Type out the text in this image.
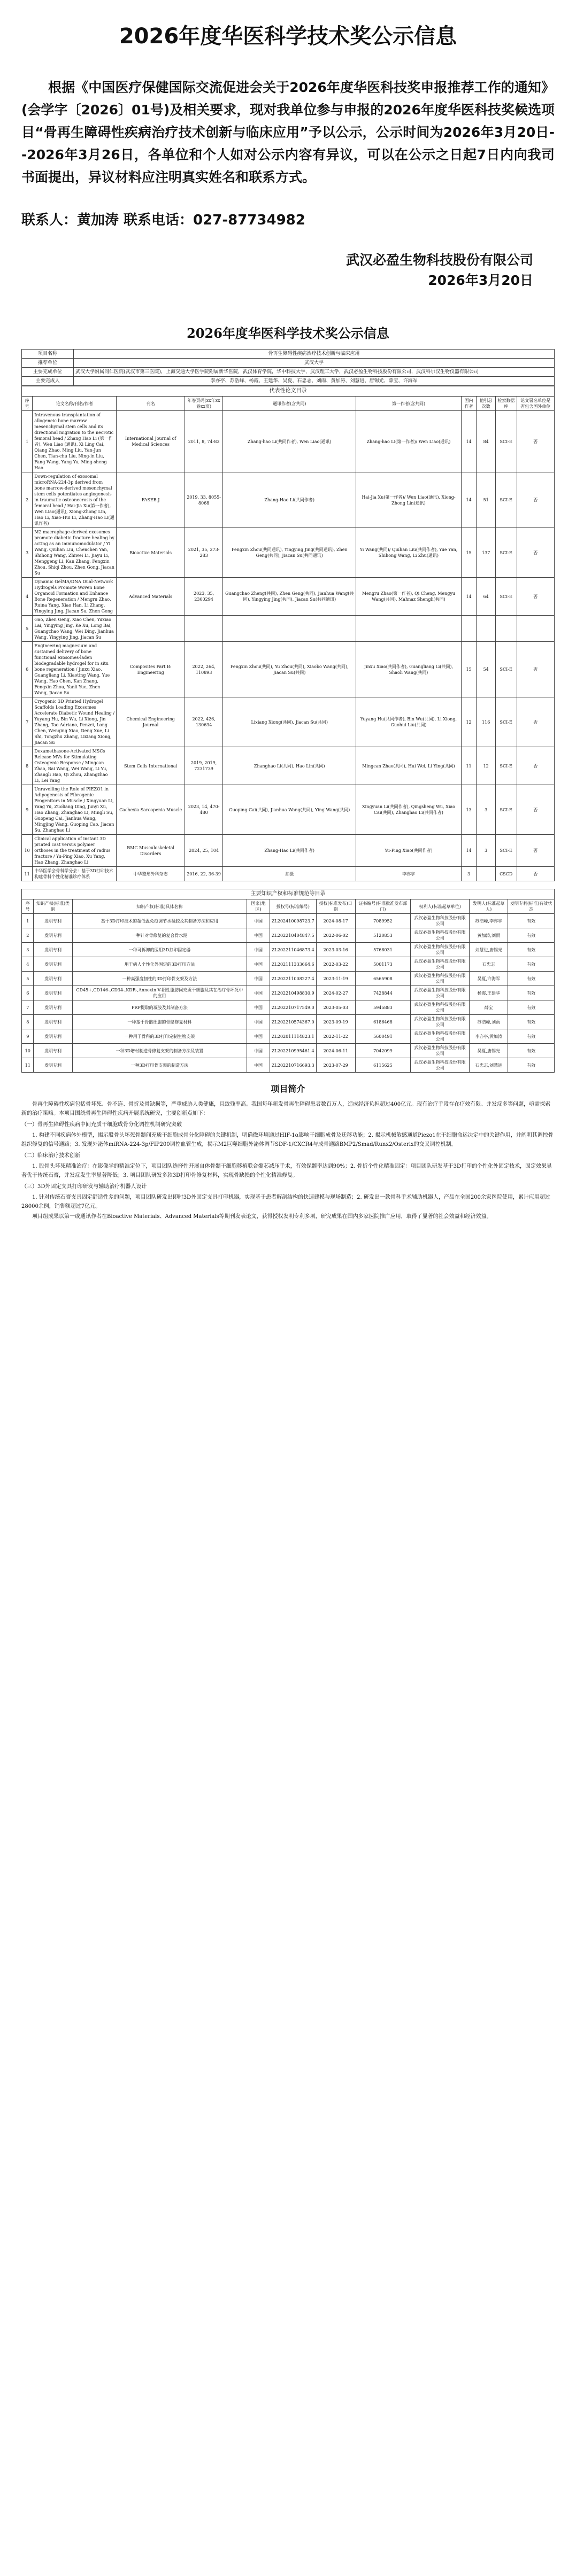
2026年度华医科学技术奖公示信息

根据《中国医疗保健国际交流促进会关于2026年度华医科技奖申报推荐工作的通知》(会学字〔2026〕01号)及相关要求，现对我单位参与申报的2026年度华医科技奖候选项目“骨再生障碍性疾病治疗技术创新与临床应用”予以公示，公示时间为2026年3月20日--2026年3月26日，各单位和个人如对公示内容有异议，可以在公示之日起7日内向我司书面提出，异议材料应注明真实姓名和联系方式。

联系人：黄加涛 联系电话：027-87734982
武汉必盈生物科技股份有限公司
2026年3月20日
2026年度华医科学技术奖公示信息
项目名称	骨再生障碍性疾病治疗技术创新与临床应用
推荐单位	武汉大学
主要完成单位	武汉大学附属同仁医院(武汉市第三医院)，上海交通大学医学院附属新华医院，武汉体育学院，华中科技大学，武汉理工大学，武汉必盈生物科技股份有限公司，武汉科尔汉生物仪器有限公司
主要完成人	李亦亭、苏浩峰、杨霞、王建华、吴夏、石忠志、刘雨、黄加涛、刘慧进、唐锡光、薛宝、许海军
代表性论文目录									
序号	论文名称/刊名/作者	刊名	年卷页码(xx年xx卷xx页)	通讯作者(含共同)	第一作者(含共同)	国内作者	他引总次数	检索数据库	论文署名单位是否包含国外单位
1	Intravenous transplantation of allogeneic bone marrow mesenchymal stem cells and its directional migration to the necrotic femoral head / Zhang Hao Li (第一作者), Wen Liao (通讯), Xi Ling Cai, Qiang Zhao, Ming Liu, Yan-Jun Chen, Tian-chu Liu, Ning-in Liu, Fang Wang, Yang Yu, Ming-sheng Hao	International Journal of Medical Sciences	2011, 8, 74-83	Zhang-hao Li(共同作者), Wen Liao(通讯)	Zhang-hao Li(第一作者)/ Wen Liao(通讯)	14	84	SCI-E	否
2	Down-regulation of exosomal microRNA-224-3p derived from bone marrow-derived mesenchymal stem cells potentiates angiogenesis in traumatic osteonecrosis of the femoral head / Hai-Jia Xu(第一作者), Wen Liao(通讯), Xiong-Zhong Lin, Hao Li, Xiao-Hui Li, Zhang-Hao Li(通讯作者)	FASEB J	2019, 33, 8055-8068	Zhang-Hao Li(共同作者)	Hai-Jia Xu(第一作者)/ Wen Liao(通讯), Xiong-Zhong Lin(通讯)	14	51	SCI-E	否
3	M2 macrophage-derived exosomes promote diabetic fracture healing by acting as an immunomodulator / Yi Wang, Qiuhan Liu, Chenchen Yan, Shihong Wang, Zhiwei Li, Jiayu Li, Menggeng Li, Kan Zhang, Fengxin Zhou, Shiqi Zhou, Zhen Gong, Jiacan Su	Bioactive Materials	2021, 35, 273-283	Fengxin Zhou(共同通讯), Yingying Jing(共同通讯), Zhen Geng(共同), Jiacan Su(共同通讯)	Yi Wang(共同)/ Qiuhan Liu(共同作者), Yue Yan, Shihong Wang, Li Zhu(通讯)	15	137	SCI-E	否
4	Dynamic GelMA/DNA Dual-Network Hydrogels Promote Woven Bone Organoid Formation and Enhance Bone Regeneration / Mengru Zhao, Ruina Yang, Xiao Han, Li Zhang, Yingying Jing, Jiacan Su, Zhen Geng	Advanced Materials	2023, 35, 2300294	Guangchao Zheng(共同), Zhen Geng(共同), Jianhua Wang(共同), Yingying Jing(共同), Jiacan Su(共同通讯)	Mengru Zhao(第一作者), Qi Cheng, Mengyu Wang(共同), Mahnaz Shengli(共同)	14	64	SCI-E	否
5	Gao, Zhen Geng, Xiao Chen, Yuxiao Lai, Yingying Jing, Ke Xu, Long Bai, Guangchao Wang, Wei Ding, Jianhua Wang, Yingying Jing, Jiacan Su								
6	Engineering magnesium and sustained delivery of bone functional exosomes-laden biodegradable hydrogel for in situ bone regeneration / Jinxu Xiao, Guangliang Li, Xiaoting Wang, Yue Wang, Hao Chen, Kan Zhang, Fengxin Zhou, Yanli Yue, Zhen Wang, Jiacan Su	Composites Part B: Engineering	2022, 264, 110893	Fengxin Zhou(共同), Yu Zhou(共同), Xiaobo Wang(共同), Jiacan Su(共同)	Jinxu Xiao(共同作者), Guangliang Li(共同), Shaoli Wang(共同)	15	54	SCI-E	否
7	Cryogenic 3D Printed Hydrogel Scaffolds Loading Exosomes Accelerate Diabetic Wound Healing / Yuyang Hu, Bin Wu, Li Xiong, Jin Zhang, Tao Adriano, Penzei, Long Chen, Wenqing Xiao, Deng Xue, Li Shi, Tongzhu Zhang, Lixiang Xiong, Jiacan Su	Chemical Engineering Journal	2022, 426, 130634	Lixiang Xiong(共同), Jiacan Su(共同)	Yuyang Hu(共同作者), Bin Wu(共同), Li Xiong, Guohui Liu(共同)	12	116	SCI-E	否
8	Dexamethasone-Activated MSCs Release MVs for Stimulating Osteogenic Response / Mingcan Zhao, Bai Wang, Wei Wang, Li Yu, Zhangli Hao, Qi Zhou, Zhangzhao Li, Lei Yang	Stem Cells International	2019, 2019, 7231739	Zhanghao Li(共同), Hao Lin(共同)	Mingcan Zhao(共同), Hui Wei, Li Ying(共同)	11	12	SCI-E	否
9	Unravelling the Role of PIEZO1 in Adipogenesis of Fibrogenic Progenitors in Muscle / Xingyuan Li, Yang Yu, Zuoliang Ding, Junyi Xu, Hao Zhang, Zhanghao Li, Mingli Su, Guopeng Cai, Jianhua Wang, Mingjing Wang, Guoping Cao, Jiacan Su, Zhanghao Li	Cachexia Sarcopenia Muscle	2023, 14, 470-480	Guoping Cai(共同), Jianhua Wang(共同), Ying Wang(共同)	Xingyuan Li(共同作者), Qingsheng Wu, Xiao Cai(共同), Zhanghao Li(共同作者)	13	3	SCI-E	否
10	Clinical application of instant 3D printed cast versus polymer orthoses in the treatment of radius fracture / Yu-Ping Xiao, Xu Yang, Hao Zhang, Zhanghao Li	BMC Musculoskeletal Disorders	2024, 25, 104	Zhang-Hao Li(共同作者)	Yu-Ping Xiao(共同作者)	14	3	SCI-E	否
11	中华医学会骨科学分会：基于3D打印技术构建骨科个性化精准诊疗体系	中华整形外科杂志	2016, 22, 36-39	拍摄	李亦亭	3		CSCD	否
主要知识产权和标准规范等目录									
序号	知识产权(标准)类别	知识产权(标准)具体名称	国家(地区)	授权号(标准编号)	授权(标准发布)日期	证书编号(标准批准发布部门)	权利人(标准起草单位)	发明人(标准起草人)	发明专利(标准)有效状态
1	发明专利	基于3D打印技术的超低温免疫调节水凝胶及其制备方法和应用	中国	ZL202410098723.7	2024-08-17	7089952	武汉必盈生物科技股份有限公司	苏浩峰,李亦亭	有效
2	发明专利	一种针对骨修复的复合骨水泥	中国	ZL202210404847.5	2022-06-02	5120853	武汉必盈生物科技股份有限公司	黄加涛,刘雨	有效
3	发明专利	一种可拆卸的医用3D打印固定器	中国	ZL202211046873.4	2023-03-16	5768031	武汉必盈生物科技股份有限公司	刘慧进,唐锡光	有效
4	发明专利	用于病人个性化外固定的3D打印方法	中国	ZL202111333664.6	2022-03-22	5001173	武汉必盈生物科技股份有限公司	石忠志	有效
5	发明专利	一种高强度韧性的3D打印骨支架及方法	中国	ZL202211008227.4	2023-11-19	6565908	武汉必盈生物科技股份有限公司	吴夏,许海军	有效
6	发明专利	CD45+,CD146-,CD34-,KDR-,Annexin V-阳性脂肪间充质干细胞及其在治疗骨坏死中的应用	中国	ZL202210498830.9	2024-02-27	7428844	武汉必盈生物科技股份有限公司	杨霞,王建华	有效
7	发明专利	PRP提取的凝胶及其制备方法	中国	ZL202210717549.0	2023-05-03	5945883	武汉必盈生物科技股份有限公司	薛宝	有效
8	发明专利	一种基于骨骼细胞的骨骼修复材料	中国	ZL202210574367.0	2023-09-19	6186468	武汉必盈生物科技股份有限公司	苏浩峰,刘雨	有效
9	发明专利	一种用于骨科的3D打印定制生物支架	中国	ZL202011114823.1	2022-11-22	5600491	武汉必盈生物科技股份有限公司	李亦亭,黄加涛	有效
10	发明专利	一种3D增材制造骨修复支架的制备方法及装置	中国	ZL202210995461.4	2024-06-11	7042099	武汉必盈生物科技股份有限公司	吴夏,唐锡光	有效
11	发明专利	一种3D打印骨支架的制造方法	中国	ZL202210716693.3	2023-07-29	6115625	武汉必盈生物科技股份有限公司	石忠志,刘慧进	有效
项目简介

骨再生障碍性疾病包括骨坏死、骨不连、骨折及骨缺损等，严重威胁人类健康，且致残率高。我国每年新发骨再生障碍患者数百万人，造成经济负担超过400亿元。现有治疗手段存在疗效有限、并发症多等问题，亟需探索新的治疗策略。本项目围绕骨再生障碍性疾病开展系统研究，主要创新点如下：

（一）骨再生障碍性疾病中间充质干细胞成骨分化调控机制研究突破

1. 构建不同疾病体外模型，揭示股骨头坏死骨髓间充质干细胞成骨分化障碍的关键机制，明确微环境通过HIF-1α影响干细胞成骨及迁移功能；2. 揭示机械敏感通道Piezo1在干细胞命运决定中的关键作用，并阐明其调控骨组织修复的信号通路；3. 发现外泌体miRNA-224-3p/FIP200调控血管生成，揭示M2巨噬细胞外泌体调节SDF-1/CXCR4与成骨通路BMP2/Smad/Runx2/Osterix的交叉调控机制。

（二）临床治疗技术创新

1. 股骨头坏死精准治疗：在影像学的精准定位下，项目团队选择性开展自体骨髓干细胞移植联合髓芯减压手术，有效保髋率达到90%；2. 骨折个性化精准固定：项目团队研发基于3D打印的个性化外固定技术，固定效果显著优于传统石膏，并发症发生率显著降低；3. 项目团队研发多款3D打印骨修复材料，实现骨缺损的个性化精准修复。

（三）3D外固定支具打印研发与辅助治疗机器人设计

1. 针对传统石膏支具固定舒适性差的问题，项目团队研发出即时3D外固定支具打印机器，实现基于患者解剖结构的快速建模与现场制造；2. 研发出一款骨科手术辅助机器人，产品在全国200余家医院使用，累计应用超过28000余例，销售额超过7亿元。

项目组成果以第一或通讯作者在Bioactive Materials、Advanced Materials等期刊发表论文，获得授权发明专利多项，研究成果在国内多家医院推广应用，取得了显著的社会效益和经济效益。
